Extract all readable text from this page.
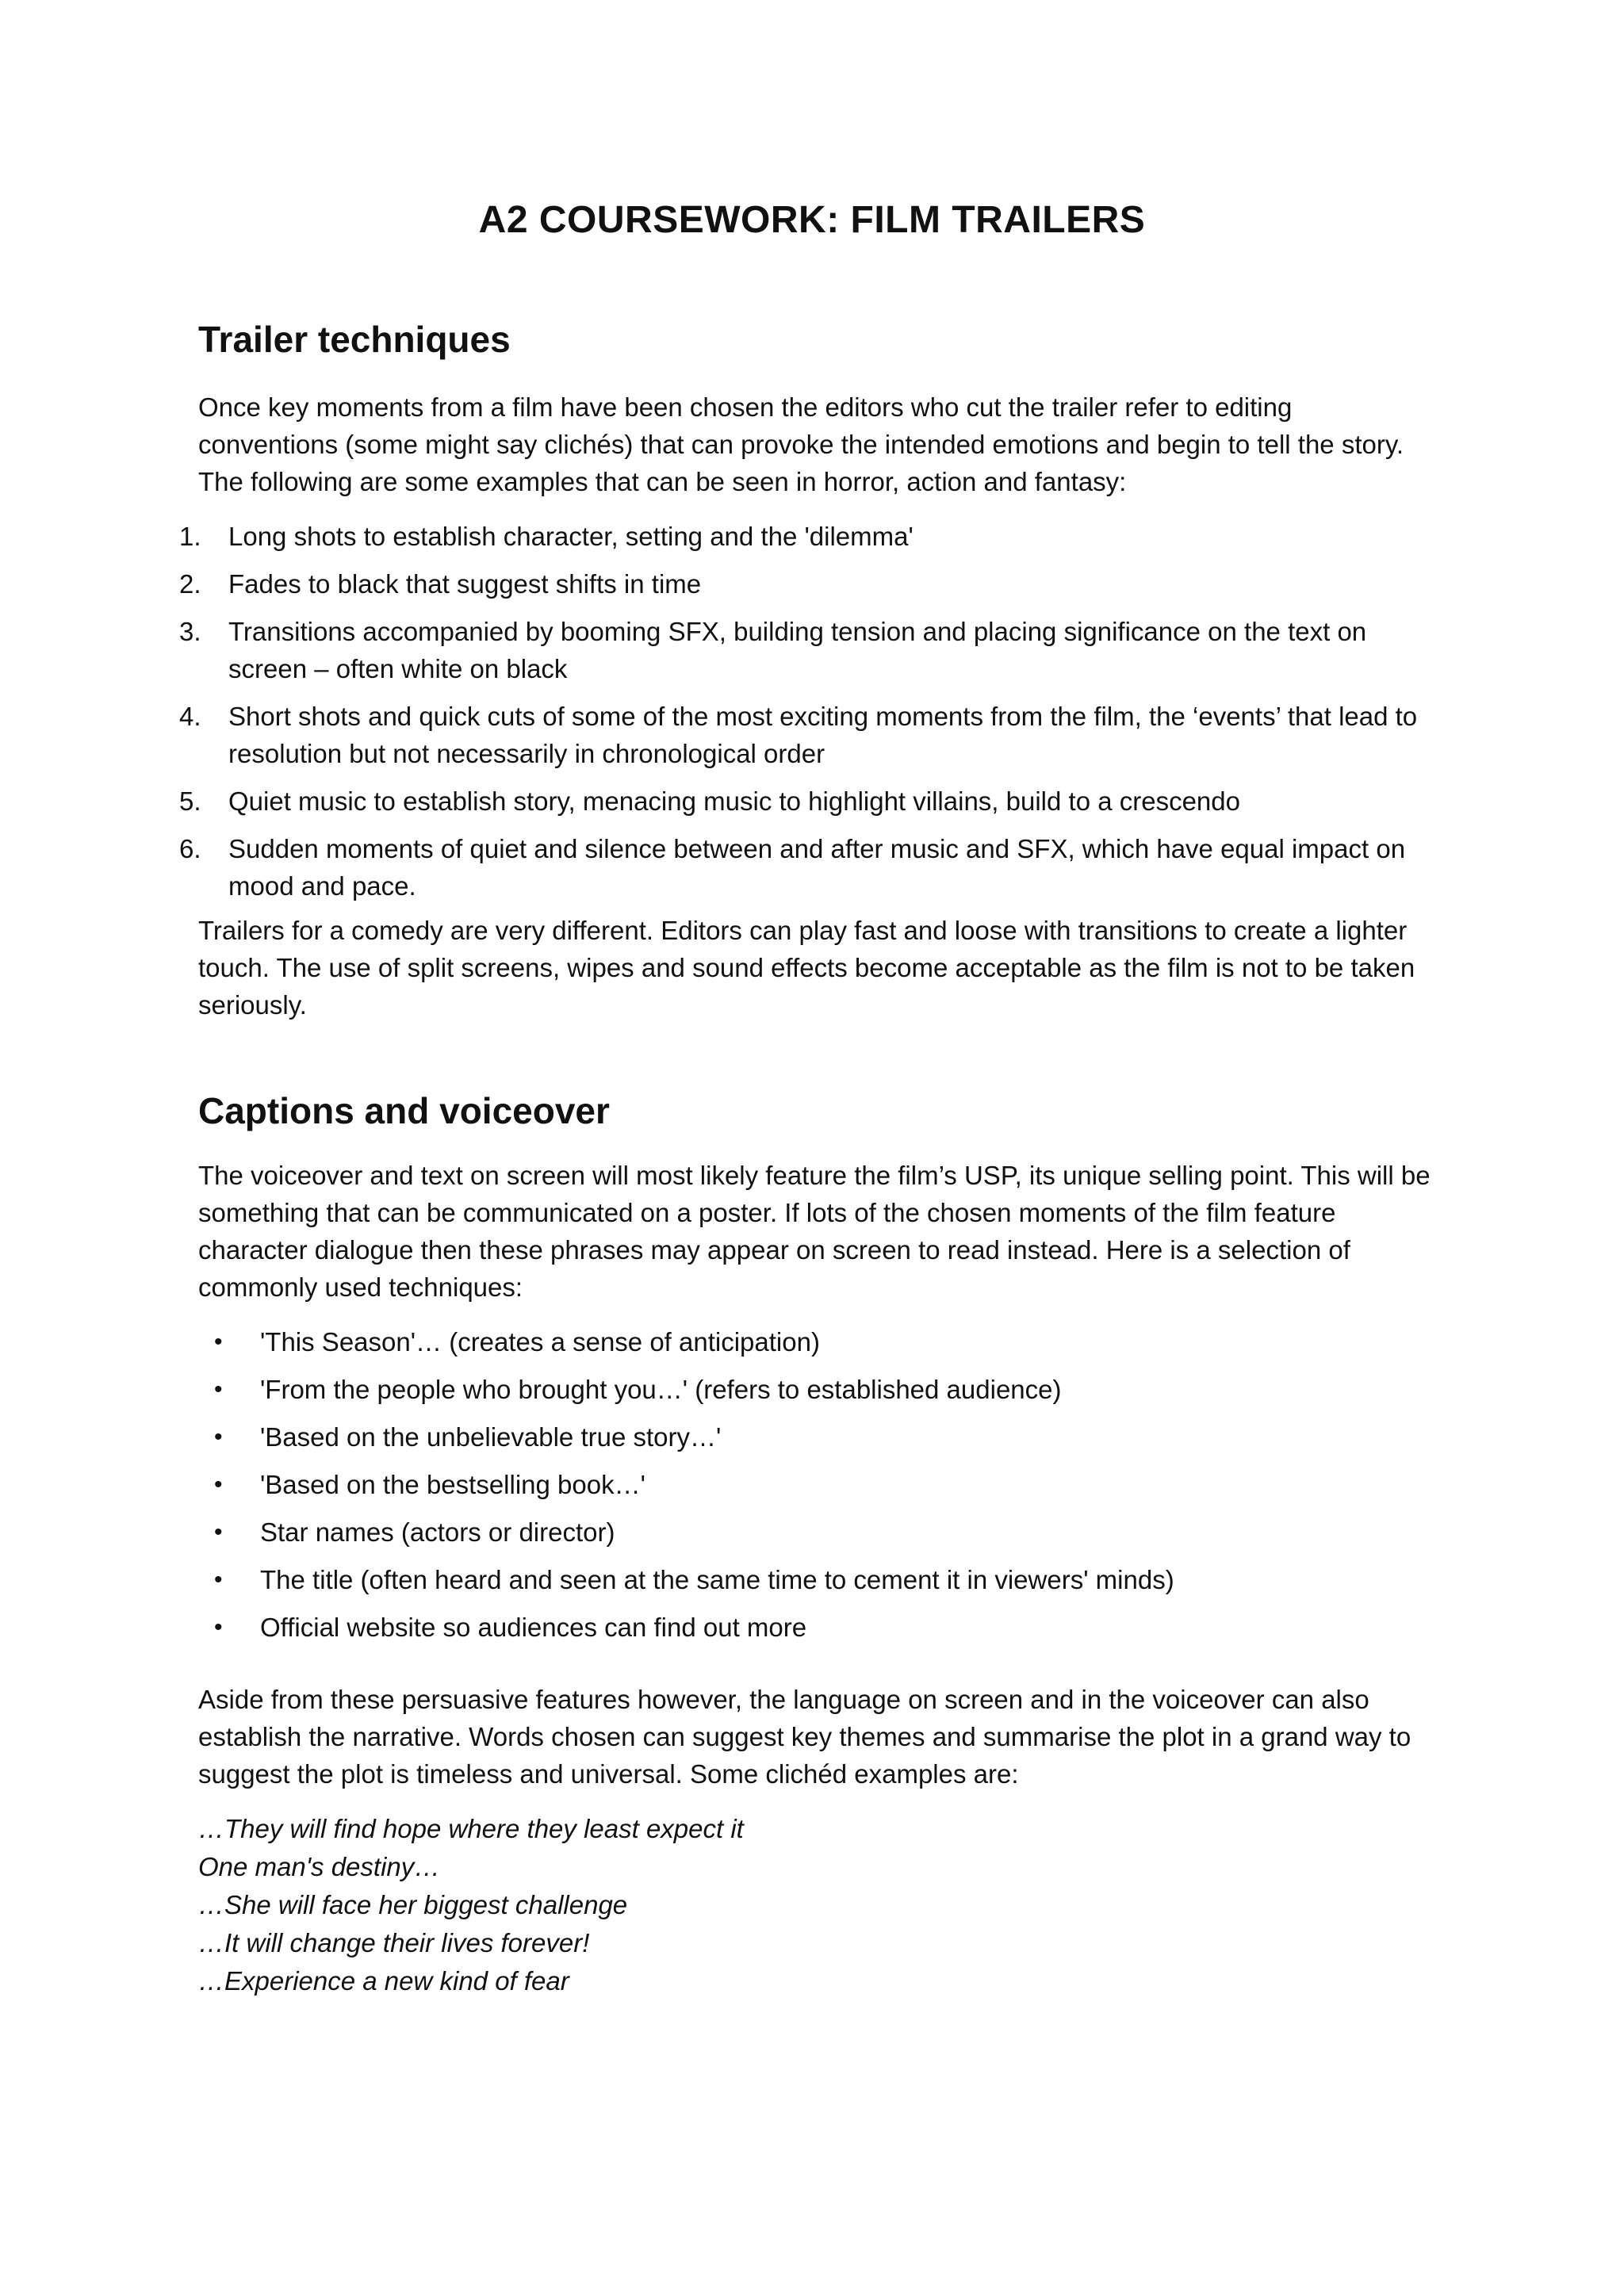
A2 COURSEWORK: FILM TRAILERS
Trailer techniques

Once key moments from a film have been chosen the editors who cut the trailer refer to editing conventions (some might say clichés) that can provoke the intended emotions and begin to tell the story. The following are some examples that can be seen in horror, action and fantasy:

1.	Long shots to establish character, setting and the 'dilemma'
2.	Fades to black that suggest shifts in time
3.	Transitions accompanied by booming SFX, building tension and placing significance on the text on screen – often white on black
4.	Short shots and quick cuts of some of the most exciting moments from the film, the ‘events’ that lead to resolution but not necessarily in chronological order
5.	Quiet music to establish story, menacing music to highlight villains, build to a crescendo
6.	Sudden moments of quiet and silence between and after music and SFX, which have equal impact on mood and pace.

Trailers for a comedy are very different. Editors can play fast and loose with transitions to create a lighter touch. The use of split screens, wipes and sound effects become acceptable as the film is not to be taken seriously.

Captions and voiceover

The voiceover and text on screen will most likely feature the film’s USP, its unique selling point. This will be something that can be communicated on a poster. If lots of the chosen moments of the film feature character dialogue then these phrases may appear on screen to read instead. Here is a selection of commonly used techniques:

• 'This Season'… (creates a sense of anticipation)
• 'From the people who brought you…' (refers to established audience)
• 'Based on the unbelievable true story…'
• 'Based on the bestselling book…'
• Star names (actors or director)
• The title (often heard and seen at the same time to cement it in viewers' minds)
• Official website so audiences can find out more

Aside from these persuasive features however, the language on screen and in the voiceover can also establish the narrative. Words chosen can suggest key themes and summarise the plot in a grand way to suggest the plot is timeless and universal. Some clichéd examples are:

…They will find hope where they least expect it
One man's destiny…
…She will face her biggest challenge
…It will change their lives forever!
…Experience a new kind of fear
